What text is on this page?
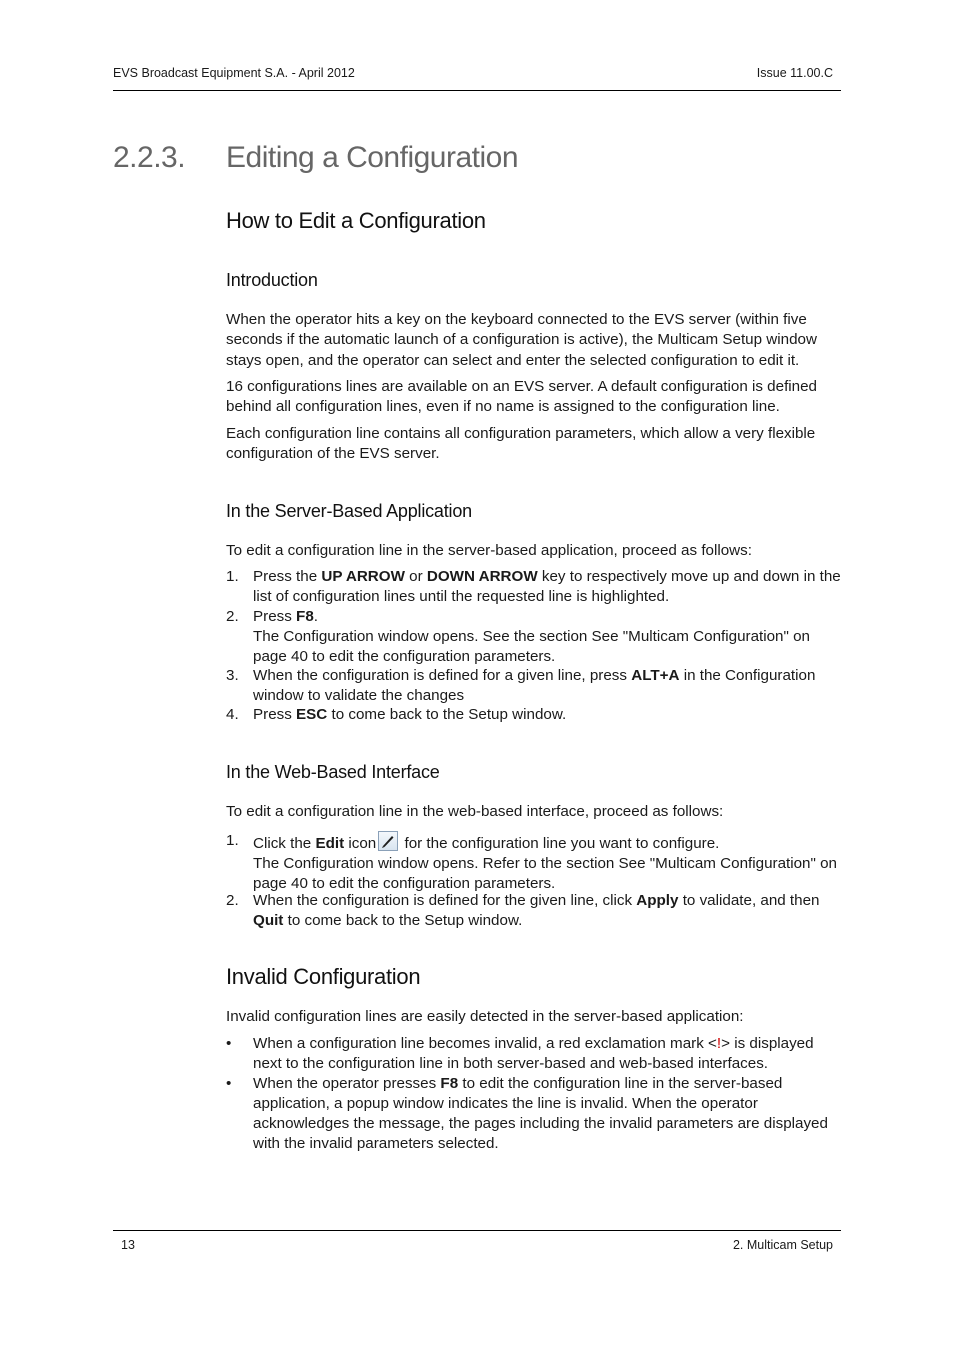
EVS Broadcast Equipment S.A. - April 2012	Issue 11.00.C
2.2.3. Editing a Configuration
How to Edit a Configuration
Introduction
When the operator hits a key on the keyboard connected to the EVS server (within five seconds if the automatic launch of a configuration is active), the Multicam Setup window stays open, and the operator can select and enter the selected configuration to edit it.
16 configurations lines are available on an EVS server. A default configuration is defined behind all configuration lines, even if no name is assigned to the configuration line.
Each configuration line contains all configuration parameters, which allow a very flexible configuration of the EVS server.
In the Server-Based Application
To edit a configuration line in the server-based application, proceed as follows:
1. Press the UP ARROW or DOWN ARROW key to respectively move up and down in the list of configuration lines until the requested line is highlighted.
2. Press F8.
The Configuration window opens. See the section See "Multicam Configuration" on page 40 to edit the configuration parameters.
3. When the configuration is defined for a given line, press ALT+A in the Configuration window to validate the changes
4. Press ESC to come back to the Setup window.
In the Web-Based Interface
To edit a configuration line in the web-based interface, proceed as follows:
1. Click the Edit icon
for the configuration line you want to configure.
The Configuration window opens. Refer to the section See "Multicam Configuration" on page 40 to edit the configuration parameters.
2. When the configuration is defined for the given line, click Apply to validate, and then Quit to come back to the Setup window.
Invalid Configuration
Invalid configuration lines are easily detected in the server-based application:
• When a configuration line becomes invalid, a red exclamation mark <!> is displayed next to the configuration line in both server-based and web-based interfaces.
• When the operator presses F8 to edit the configuration line in the server-based application, a popup window indicates the line is invalid. When the operator acknowledges the message, the pages including the invalid parameters are displayed with the invalid parameters selected.
13	2. Multicam Setup
